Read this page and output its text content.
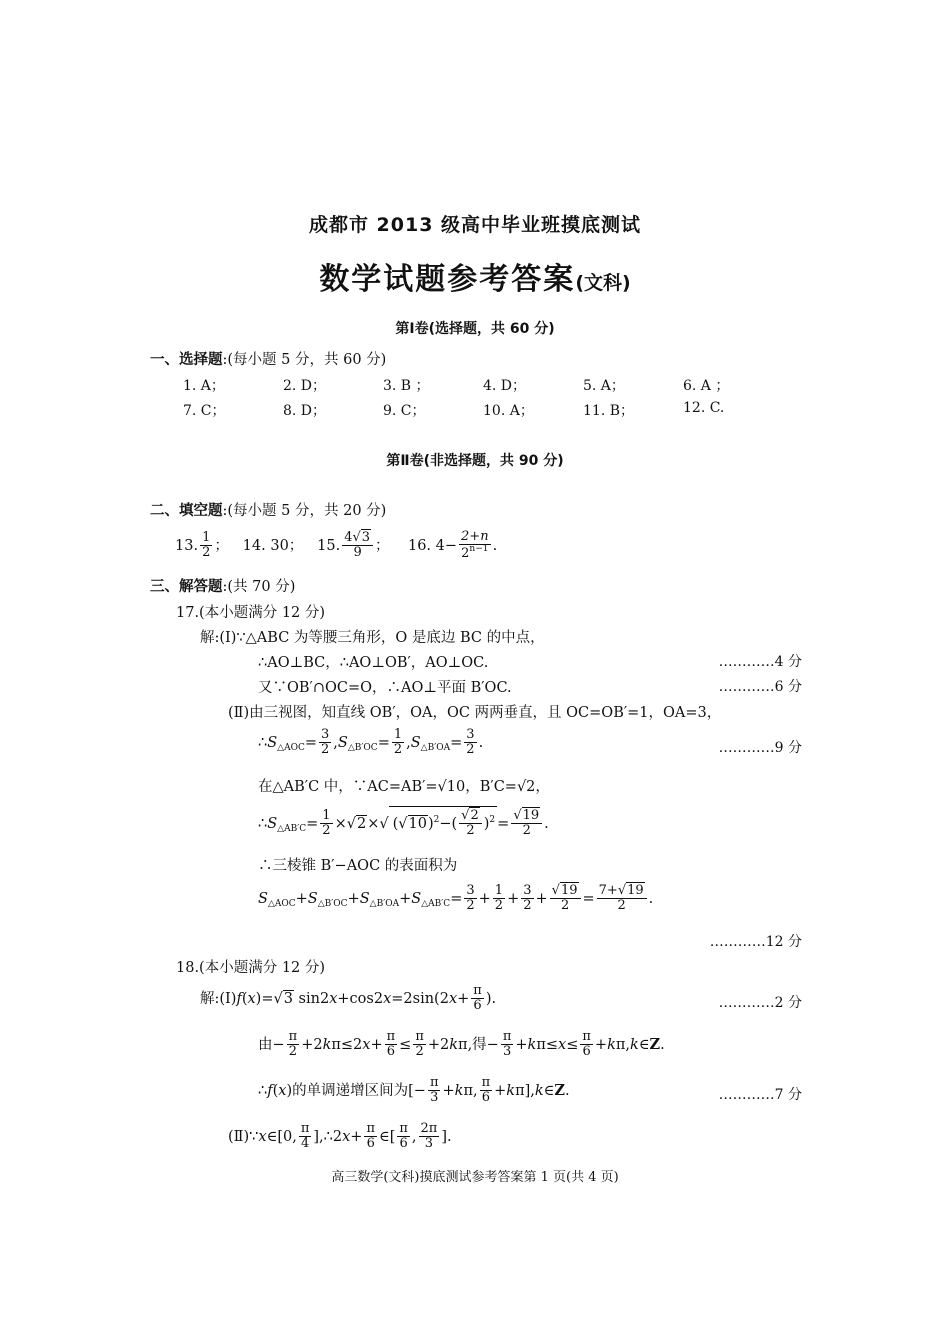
成都市 2013 级高中毕业班摸底测试
数学试题参考答案(文科)
第Ⅰ卷(选择题，共 60 分)
一、选择题:(每小题 5 分，共 60 分)
1. A；	2. D；	3. B ；	4. D；	5. A；	6. A ；
7. C；	8. D；	9. C；	10. A；	11. B；	12. C.
第Ⅱ卷(非选择题，共 90 分)
二、填空题:(每小题 5 分，共 20 分)
13. $\frac{1}{2}$ ； 14. 30； 15. $\frac{4√3}{9}$ ； 16. $4- \frac{2+n}{2^{n-1}}$ .
三、解答题:(共 70 分)
17.(本小题满分 12 分)
解:(Ⅰ)∵△ABC 为等腰三角形，O 是底边 BC 的中点，
∴AO⊥BC，∴AO⊥OB′，AO⊥OC.	…………4 分
又∵OB′∩OC=O，∴AO⊥平面 B′OC.	…………6 分
(Ⅱ)由三视图，知直线 OB′，OA，OC 两两垂直，且 OC=OB′=1，OA=3，
$\therefore S_{\triangle AOC}= \frac{3}{2} ,S_{\triangle B'OC}= \frac{1}{2} ,S_{\triangle B'OA}= \frac{3}{2}$ .	…………9 分
在△AB′C 中，∵AC=AB′=√10，B′C=√2，
$\therefore S_{\triangle AB'C}= \frac{1}{2} \times√2\times√$ $(√10)^2-( \frac{√2}{2} )^2 = \frac{√19}{2}$ .
∴三棱锥 B′−AOC 的表面积为
$S_{\triangle AOC}+S_{\triangle B'OC}+S_{\triangle B'OA}+S_{\triangle AB'C}= \frac{3}{2} + \frac{1}{2} + \frac{3}{2} + \frac{√19}{2} = \frac{7+√19}{2}$ .
…………12 分
18.(本小题满分 12 分)
解:(Ⅰ)f(x)=√3 $\sin 2x+\cos 2x=2\sin(2x+ \frac{\pi}{6}$ ).	…………2 分
由− $\frac{\pi}{2} +2k\pi\le 2x+ \frac{\pi}{6} \le \frac{\pi}{2} +2k\pi$,得− $\frac{\pi}{3} +k\pi\le x\le \frac{\pi}{6}$ +kπ,k∈Z.
∴f(x)的单调递增区间为[− $\frac{\pi}{3} +k\pi$, $\frac{\pi}{6}$ +kπ],k∈Z.	…………7 分
(Ⅱ)∵x∈[0, $\frac{\pi}{4}$ ],∴2x+ $\frac{\pi}{6}$ ∈[ $\frac{\pi}{6}$ , $\frac{2\pi}{3}$ ].
高三数学(文科)摸底测试参考答案第 1 页(共 4 页)
